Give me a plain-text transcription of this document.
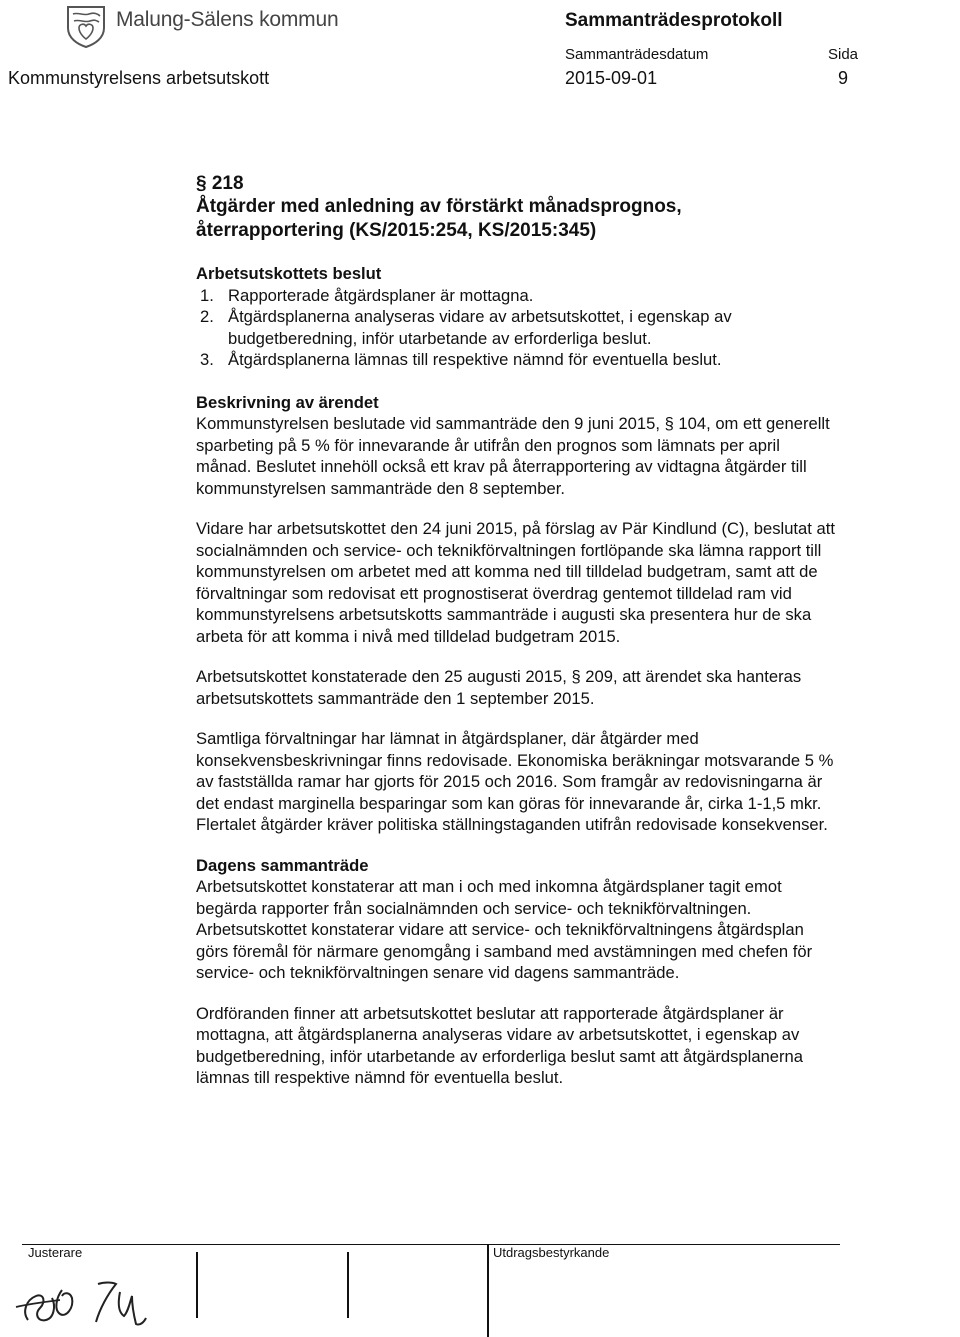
Malung-Sälens kommun	Sammanträdesprotokoll
Kommunstyrelsens arbetsutskott
Sammanträdesdatum
2015-09-01
Sida
9
§ 218
Åtgärder med anledning av förstärkt månadsprognos,
återrapportering (KS/2015:254, KS/2015:345)
Arbetsutskottets beslut
1. Rapporterade åtgärdsplaner är mottagna.
2. Åtgärdsplanerna analyseras vidare av arbetsutskottet, i egenskap av budgetberedning, inför utarbetande av erforderliga beslut.
3. Åtgärdsplanerna lämnas till respektive nämnd för eventuella beslut.
Beskrivning av ärendet

Kommunstyrelsen beslutade vid sammanträde den 9 juni 2015, § 104, om ett generellt sparbeting på 5 % för innevarande år utifrån den prognos som lämnats per april månad. Beslutet innehöll också ett krav på återrapportering av vidtagna åtgärder till kommunstyrelsen sammanträde den 8 september.

Vidare har arbetsutskottet den 24 juni 2015, på förslag av Pär Kindlund (C), beslutat att socialnämnden och service- och teknikförvaltningen fortlöpande ska lämna rapport till kommunstyrelsen om arbetet med att komma ned till tilldelad budgetram, samt att de förvaltningar som redovisat ett prognostiserat överdrag gentemot tilldelad ram vid kommunstyrelsens arbetsutskotts sammanträde i augusti ska presentera hur de ska arbeta för att komma i nivå med tilldelad budgetram 2015.

Arbetsutskottet konstaterade den 25 augusti 2015, § 209, att ärendet ska hanteras arbetsutskottets sammanträde den 1 september 2015.

Samtliga förvaltningar har lämnat in åtgärdsplaner, där åtgärder med konsekvensbeskrivningar finns redovisade. Ekonomiska beräkningar motsvarande 5 % av fastställda ramar har gjorts för 2015 och 2016. Som framgår av redovisningarna är det endast marginella besparingar som kan göras för innevarande år, cirka 1-1,5 mkr. Flertalet åtgärder kräver politiska ställningstaganden utifrån redovisade konsekvenser.

Dagens sammanträde

Arbetsutskottet konstaterar att man i och med inkomna åtgärdsplaner tagit emot begärda rapporter från socialnämnden och service- och teknikförvaltningen. Arbetsutskottet konstaterar vidare att service- och teknikförvaltningens åtgärdsplan görs föremål för närmare genomgång i samband med avstämningen med chefen för service- och teknikförvaltningen senare vid dagens sammanträde.

Ordföranden finner att arbetsutskottet beslutar att rapporterade åtgärdsplaner är mottagna, att åtgärdsplanerna analyseras vidare av arbetsutskottet, i egenskap av budgetberedning, inför utarbetande av erforderliga beslut samt att åtgärdsplanerna lämnas till respektive nämnd för eventuella beslut.

Justerare	Utdragsbestyrkande
